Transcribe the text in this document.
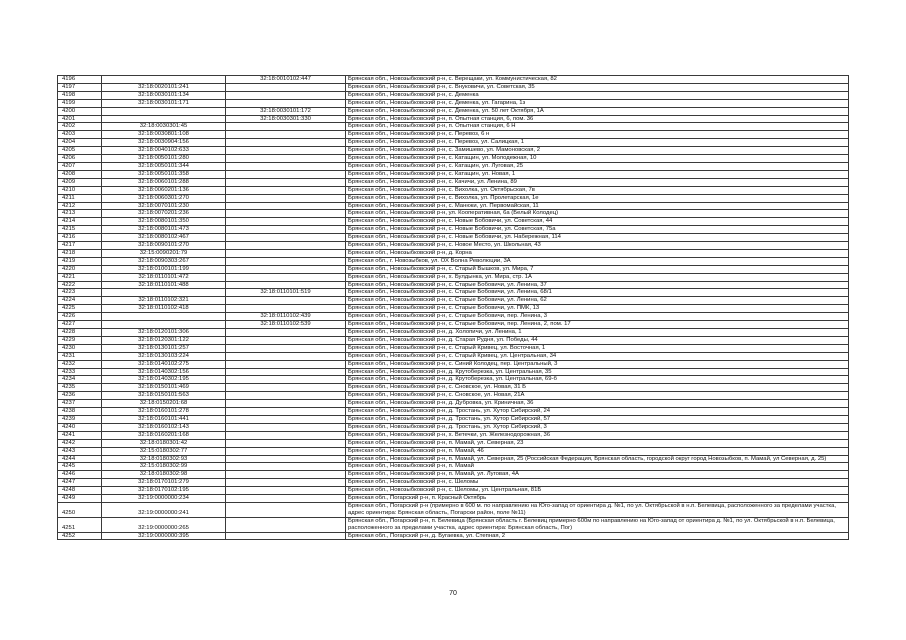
4196		32:18:0010102:447	Брянская обл., Новозыбковский р-н, с. Верещаки, ул. Коммунистическая, 82
4197	32:18:0020101:241		Брянская обл., Новозыбковский р-н, с. Внуковичи, ул. Советская, 35
4198	32:18:0030101:134		Брянская обл., Новозыбковский р-н, с. Деменка
4199	32:18:0030101:171		Брянская обл., Новозыбковский р-н, с. Деменка, ул. Гагарина, 1з
4200		32:18:0030101:172	Брянская обл., Новозыбковский р-н, с. Деменка, ул. 50 лет Октября, 1А
4201		32:18:0030301:330	Брянская обл., Новозыбковский р-н, п. Опытная станция, 6, пом. 36
4202	32:18:0030301:45		Брянская обл., Новозыбковский р-н, п. Опытная станция, 6 Н
4203	32:18:0030801:108		Брянская обл., Новозыбковский р-н, с. Перевоз, 6 н
4204	32:18:0030904:156		Брянская обл., Новозыбковский р-н, с. Перевоз, ул. Салицкая, 1
4205	32:18:0040102:633		Брянская обл., Новозыбковский р-н, с. Замишево, ул. Мамоновская, 2
4206	32:18:0050101:280		Брянская обл., Новозыбковский р-н, с. Катащин, ул. Молодежная, 10
4207	32:18:0050101:344		Брянская обл., Новозыбковский р-н, с. Катащин, ул. Луговая, 25
4208	32:18:0050101:358		Брянская обл., Новозыбковский р-н, с. Катащин, ул. Новая, 1
4209	32:18:0060101:288		Брянская обл., Новозыбковский р-н, с. Качичи, ул. Ленина, 89
4210	32:18:0060201:136		Брянская обл., Новозыбковский р-н, с. Вихолка, ул. Октябрьская, 7в
4211	32:18:0060301:270		Брянская обл., Новозыбковский р-н, с. Вихолка, ул. Пролетарская, 1е
4212	32:18:0070101:230		Брянская обл., Новозыбковский р-н, с. Манюки, ул. Первомайская, 11
4213	32:18:0070201:236		Брянская обл., Новозыбковский р-н, ул. Кооперативная, 6а (Белый Колодец)
4214	32:18:0080101:350		Брянская обл., Новозыбковский р-н, с. Новые Бобовичи, ул. Советская, 44
4215	32:18:0080101:473		Брянская обл., Новозыбковский р-н, с. Новые Бобовичи, ул. Советская, 75а
4216	32:18:0080102:467		Брянская обл., Новозыбковский р-н, с. Новые Бобовичи, ул. Набережная, 114
4217	32:18:0090101:270		Брянская обл., Новозыбковский р-н, с. Новое Место, ул. Школьная, 43
4218	32:15:0090201:79		Брянская обл., Новозыбковский р-н, д. Корна
4219	32:18:0090303:267		Брянская обл., г. Новозыбков, ул. ОХ Волна Революции, 3А
4220	32:18:0100101:199		Брянская обл., Новозыбковский р-н, с. Старый Вышков, ул. Мира, 7
4221	32:18:0110101:472		Брянская обл., Новозыбковский р-н, х. Булдынка, ул. Мира, стр. 1А
4222	32:18:0110101:488		Брянская обл., Новозыбковский р-н, с. Старые Бобовичи, ул. Ленина, 37
4223		32:18:0110101:519	Брянская обл., Новозыбковский р-н, с. Старые Бобовичи, ул. Ленина, 68/1
4224	32:18:0110102:321		Брянская обл., Новозыбковский р-н, с. Старые Бобовичи, ул. Ленина, 62
4225	32:18:0110102:418		Брянская обл., Новозыбковский р-н, с. Старые Бобовичи, ул. ПМК, 13
4226		32:18:0110102:439	Брянская обл., Новозыбковский р-н, с. Старые Бобовичи, пер. Ленина, 3
4227		32:18:0110102:539	Брянская обл., Новозыбковский р-н, с. Старые Бобовичи, пер. Ленина, 2, пом. 17
4228	32:18:0120101:306		Брянская обл., Новозыбковский р-н, д. Холопичи, ул. Ленина, 1
4229	32:18:0120301:122		Брянская обл., Новозыбковский р-н, д. Старая Рудня, ул. Победы, 44
4230	32:18:0130101:257		Брянская обл., Новозыбковский р-н, с. Старый Кривец, ул. Восточная, 1
4231	32:18:0130103:224		Брянская обл., Новозыбковский р-н, с. Старый Кривец, ул. Центральная, 34
4232	32:18:0140102:275		Брянская обл., Новозыбковский р-н, с. Синий Колодец, пер. Центральный, 3
4233	32:18:0140302:156		Брянская обл., Новозыбковский р-н, д. Крутоберезка, ул. Центральная, 35
4234	32:18:0140302:195		Брянская обл., Новозыбковский р-н, д. Крутоберезка, ул. Центральная, 69-б
4235	32:18:0150101:469		Брянская обл., Новозыбковский р-н, с. Сновское, ул. Новая, 31 Б
4236	32:18:0150101:563		Брянская обл., Новозыбковский р-н, с. Сновское, ул. Новая, 21А
4237	32:18:0150201:68		Брянская обл., Новозыбковский р-н, д. Дубровка, ул. Криничная, 36
4238	32:18:0160101:278		Брянская обл., Новозыбковский р-н, д. Тростань, ул. Хутор Сибирский, 24
4239	32:18:0160101:441		Брянская обл., Новозыбковский р-н, д. Тростань, ул. Хутор Сибирский, 57
4240	32:18:0160102:143		Брянская обл., Новозыбковский р-н, д. Тростань, ул. Хутор Сибирский, 3
4241	32:18:0160201:168		Брянская обл., Новозыбковский р-н, х. Ветечки, ул. Железнодорожная, 36
4242	32:18:0180301:42		Брянская обл., Новозыбковский р-н, п. Мамай, ул. Северная, 23
4243	32:15:0180302:77		Брянская обл., Новозыбковский р-н, п. Мамай, 46
4244	32:18:0180302:93		Брянская обл., Новозыбковский р-н, п. Мамай, ул. Северная, 25 (Российская Федерация, Брянская область, городской округ город Новозыбков, п. Мамай, ул Северная, д. 25)
4245	32:15:0180302:99		Брянская обл., Новозыбковский р-н, п. Мамай
4246	32:18:0180302:98		Брянская обл., Новозыбковский р-н, п. Мамай, ул. Луговая, 4А
4247	32:18:0170101:279		Брянская обл., Новозыбковский р-н, с. Шеломы
4248	32:18:0170102:195		Брянская обл., Новозыбковский р-н, с. Шеломы, ул. Центральная, 81Б
4249	32:19:0000000:234		Брянская обл., Погарский р-н, п. Красный Октябрь
4250	32:19:0000000:241		Брянская обл., Погарский р-н (примерно в 600 м. по направлению на Юго-запад от ориентира д. №1, по ул. Октябрьской в н.п. Белевица, расположенного за пределами участка, адрес ориентира: Брянская область, Погарски район, поле №11)
4251	32:19:0000000:265		Брянская обл., Погарский р-н, п. Белевица (Брянская область г. Белевиц примерно 600м по направлению на Юго-запад от ориентира д. №1, по ул. Октябрьской в н.п. Белевица, расположенного за пределами участка, адрес ориентира: Брянская область, Пог)
4252	32:19:0000000:395		Брянская обл., Погарский р-н, д. Бугаевка, ул. Степная, 2
70
